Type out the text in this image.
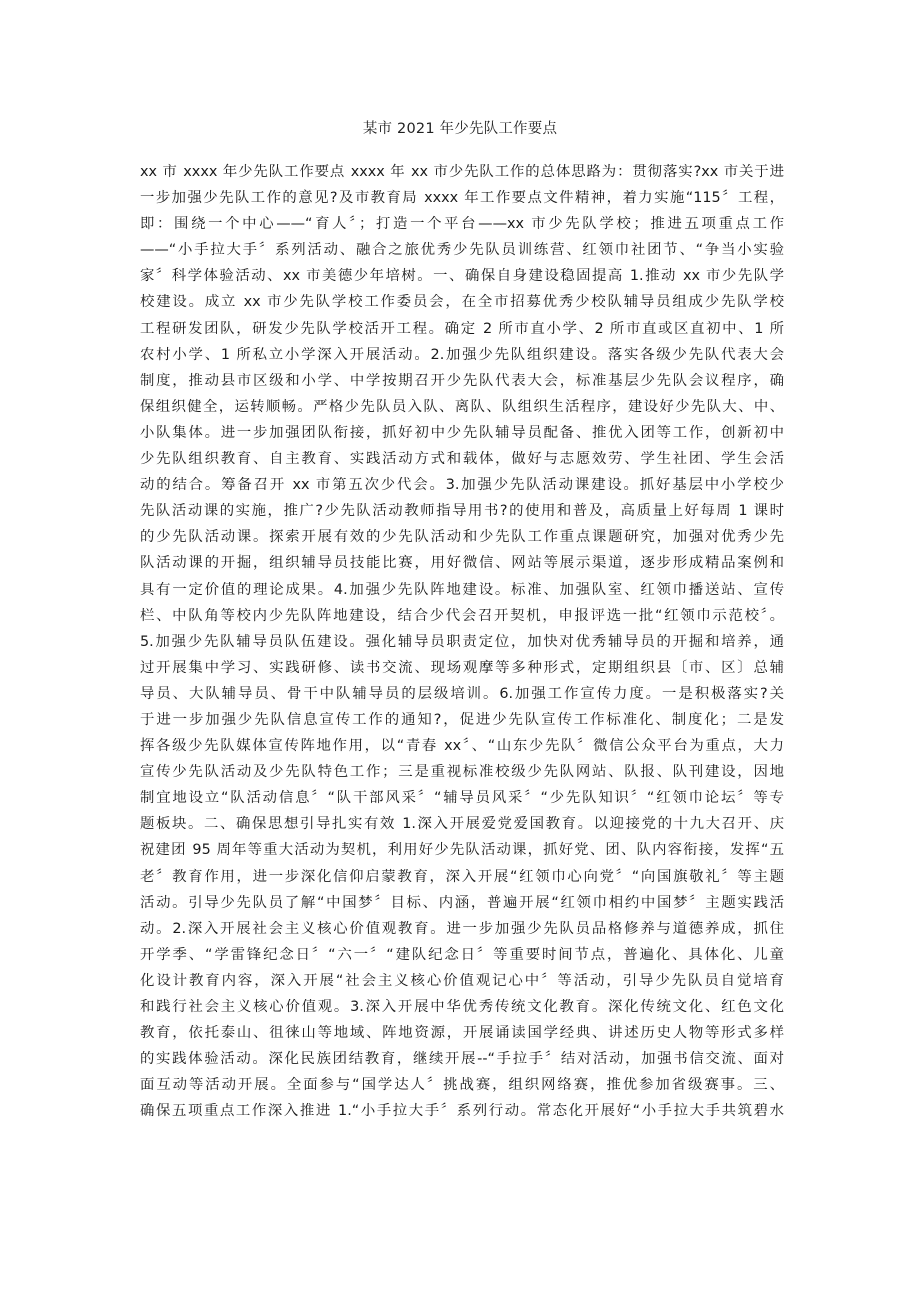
某市 2021 年少先队工作要点
xx 市 xxxx 年少先队工作要点 xxxx 年 xx 市少先队工作的总体思路为：贯彻落实?xx 市关于进
一步加强少先队工作的意见?及市教育局 xxxx 年工作要点文件精神，着力实施“115〞工程，
即：围绕一个中心——“育人〞；打造一个平台——xx 市少先队学校；推进五项重点工作
——“小手拉大手〞系列活动、融合之旅优秀少先队员训练营、红领巾社团节、“争当小实验
家〞科学体验活动、xx 市美德少年培树。一、确保自身建设稳固提高 1.推动 xx 市少先队学
校建设。成立 xx 市少先队学校工作委员会，在全市招募优秀少校队辅导员组成少先队学校
工程研发团队，研发少先队学校活开工程。确定 2 所市直小学、2 所市直或区直初中、1 所
农村小学、1 所私立小学深入开展活动。2.加强少先队组织建设。落实各级少先队代表大会
制度，推动县市区级和小学、中学按期召开少先队代表大会，标准基层少先队会议程序，确
保组织健全，运转顺畅。严格少先队员入队、离队、队组织生活程序，建设好少先队大、中、
小队集体。进一步加强团队衔接，抓好初中少先队辅导员配备、推优入团等工作，创新初中
少先队组织教育、自主教育、实践活动方式和载体，做好与志愿效劳、学生社团、学生会活
动的结合。筹备召开 xx 市第五次少代会。3.加强少先队活动课建设。抓好基层中小学校少
先队活动课的实施，推广?少先队活动教师指导用书?的使用和普及，高质量上好每周 1 课时
的少先队活动课。探索开展有效的少先队活动和少先队工作重点课题研究，加强对优秀少先
队活动课的开掘，组织辅导员技能比赛，用好微信、网站等展示渠道，逐步形成精品案例和
具有一定价值的理论成果。4.加强少先队阵地建设。标准、加强队室、红领巾播送站、宣传
栏、中队角等校内少先队阵地建设，结合少代会召开契机，申报评选一批“红领巾示范校〞。
5.加强少先队辅导员队伍建设。强化辅导员职责定位，加快对优秀辅导员的开掘和培养，通
过开展集中学习、实践研修、读书交流、现场观摩等多种形式，定期组织县〔市、区〕总辅
导员、大队辅导员、骨干中队辅导员的层级培训。6.加强工作宣传力度。一是积极落实?关
于进一步加强少先队信息宣传工作的通知?，促进少先队宣传工作标准化、制度化；二是发
挥各级少先队媒体宣传阵地作用，以“青春 xx〞、“山东少先队〞微信公众平台为重点，大力
宣传少先队活动及少先队特色工作；三是重视标准校级少先队网站、队报、队刊建设，因地
制宜地设立“队活动信息〞“队干部风采〞“辅导员风采〞“少先队知识〞“红领巾论坛〞等专
题板块。二、确保思想引导扎实有效 1.深入开展爱党爱国教育。以迎接党的十九大召开、庆
祝建团 95 周年等重大活动为契机，利用好少先队活动课，抓好党、团、队内容衔接，发挥“五
老〞教育作用，进一步深化信仰启蒙教育，深入开展“红领巾心向党〞“向国旗敬礼〞等主题
活动。引导少先队员了解“中国梦〞目标、内涵，普遍开展“红领巾相约中国梦〞主题实践活
动。2.深入开展社会主义核心价值观教育。进一步加强少先队员品格修养与道德养成，抓住
开学季、“学雷锋纪念日〞“六一〞“建队纪念日〞等重要时间节点，普遍化、具体化、儿童
化设计教育内容，深入开展“社会主义核心价值观记心中〞等活动，引导少先队员自觉培育
和践行社会主义核心价值观。3.深入开展中华优秀传统文化教育。深化传统文化、红色文化
教育，依托泰山、徂徕山等地域、阵地资源，开展诵读国学经典、讲述历史人物等形式多样
的实践体验活动。深化民族团结教育，继续开展--“手拉手〞结对活动，加强书信交流、面对
面互动等活动开展。全面参与“国学达人〞挑战赛，组织网络赛，推优参加省级赛事。三、
确保五项重点工作深入推进 1.“小手拉大手〞系列行动。常态化开展好“小手拉大手共筑碧水
